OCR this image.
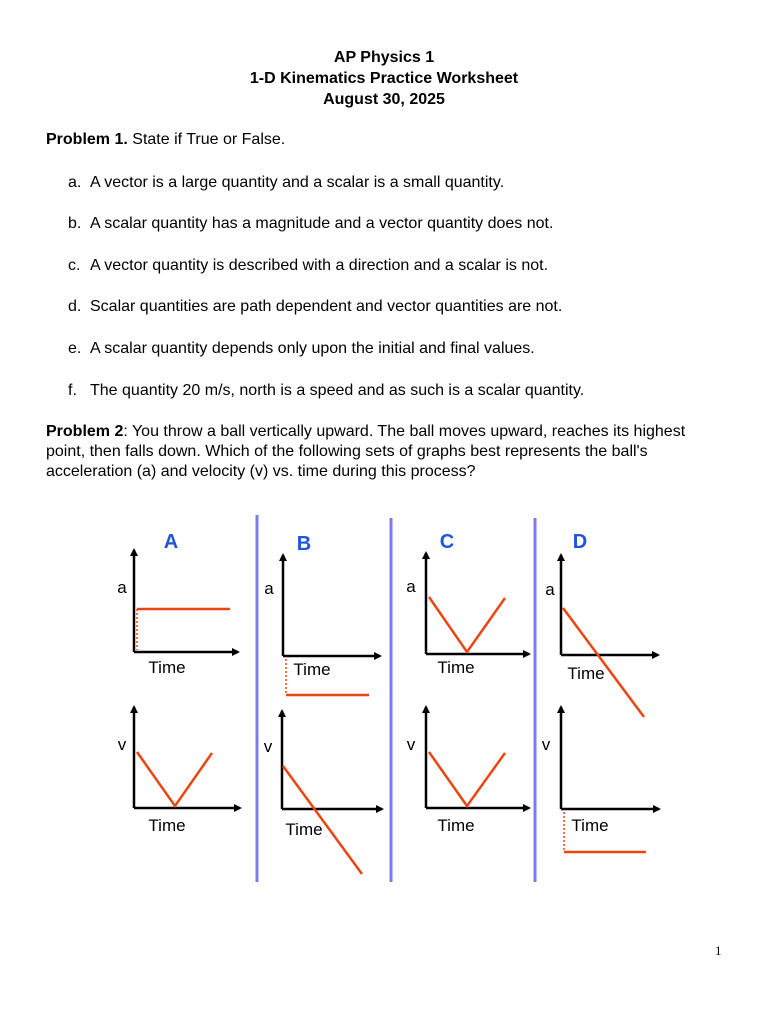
AP Physics 1
1-D Kinematics Practice Worksheet
August 30, 2025
Problem 1. State if True or False.
a. A vector is a large quantity and a scalar is a small quantity.
b. A scalar quantity has a magnitude and a vector quantity does not.
c. A vector quantity is described with a direction and a scalar is not.
d. Scalar quantities are path dependent and vector quantities are not.
e. A scalar quantity depends only upon the initial and final values.
f. The quantity 20 m/s, north is a speed and as such is a scalar quantity.
Problem 2: You throw a ball vertically upward. The ball moves upward, reaches its highest point, then falls down. Which of the following sets of graphs best represents the ball's acceleration (a) and velocity (v) vs. time during this process?
A	B	C	D
a
Time
v
Time
a
Time
v
Time
a
Time
v
Time
a
Time
v
Time
1
